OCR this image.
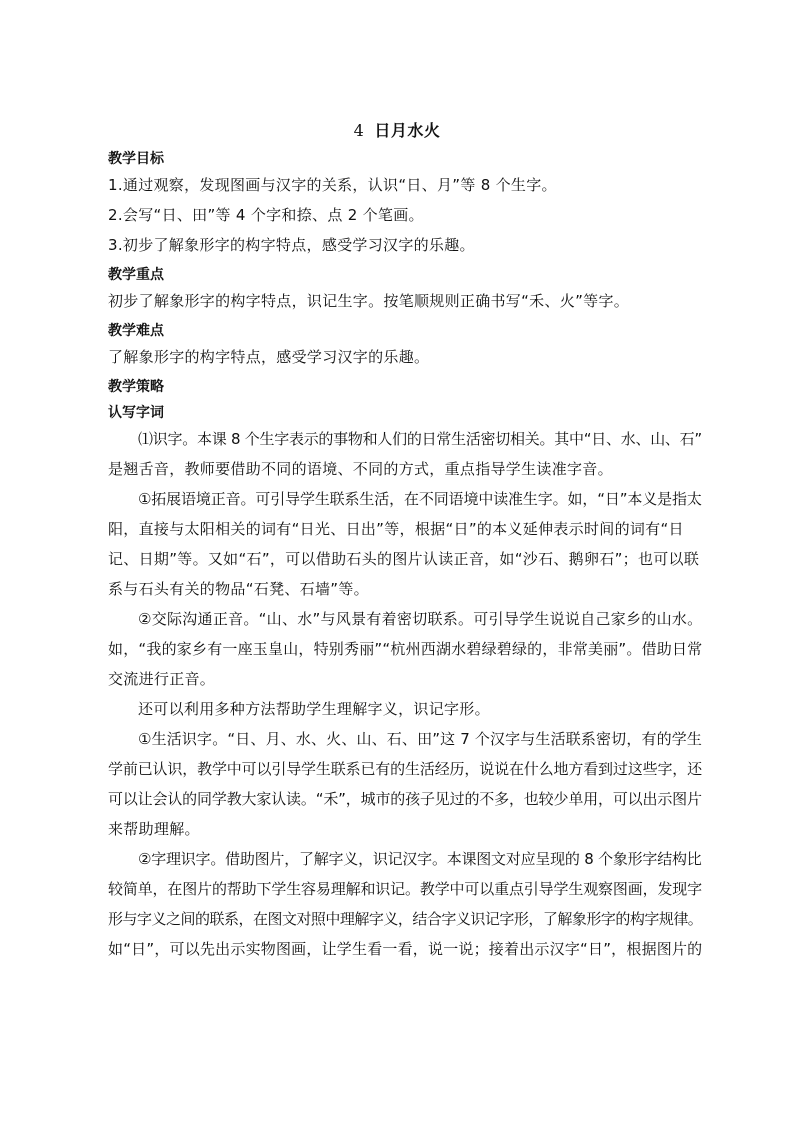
4 日月水火

教学目标

1.通过观察，发现图画与汉字的关系，认识“日、月”等 8 个生字。

2.会写“日、田”等 4 个字和捺、点 2 个笔画。

3.初步了解象形字的构字特点，感受学习汉字的乐趣。

教学重点

初步了解象形字的构字特点，识记生字。按笔顺规则正确书写“禾、火”等字。

教学难点

了解象形字的构字特点，感受学习汉字的乐趣。

教学策略

认写字词

⑴识字。本课 8 个生字表示的事物和人们的日常生活密切相关。其中“日、水、山、石”

是翘舌音，教师要借助不同的语境、不同的方式，重点指导学生读准字音。

①拓展语境正音。可引导学生联系生活，在不同语境中读准生字。如，“日”本义是指太

阳，直接与太阳相关的词有“日光、日出”等，根据“日”的本义延伸表示时间的词有“日

记、日期”等。又如“石”，可以借助石头的图片认读正音，如“沙石、鹅卵石”；也可以联

系与石头有关的物品“石凳、石墙”等。

②交际沟通正音。“山、水”与风景有着密切联系。可引导学生说说自己家乡的山水。

如，“我的家乡有一座玉皇山，特别秀丽”“杭州西湖水碧绿碧绿的，非常美丽”。借助日常

交流进行正音。

还可以利用多种方法帮助学生理解字义，识记字形。

①生活识字。“日、月、水、火、山、石、田”这 7 个汉字与生活联系密切，有的学生

学前已认识，教学中可以引导学生联系已有的生活经历，说说在什么地方看到过这些字，还

可以让会认的同学教大家认读。“禾”，城市的孩子见过的不多，也较少单用，可以出示图片

来帮助理解。

②字理识字。借助图片，了解字义，识记汉字。本课图文对应呈现的 8 个象形字结构比

较简单，在图片的帮助下学生容易理解和识记。教学中可以重点引导学生观察图画，发现字

形与字义之间的联系，在图文对照中理解字义，结合字义识记字形，了解象形字的构字规律。

如“日”，可以先出示实物图画，让学生看一看，说一说；接着出示汉字“日”，根据图片的
